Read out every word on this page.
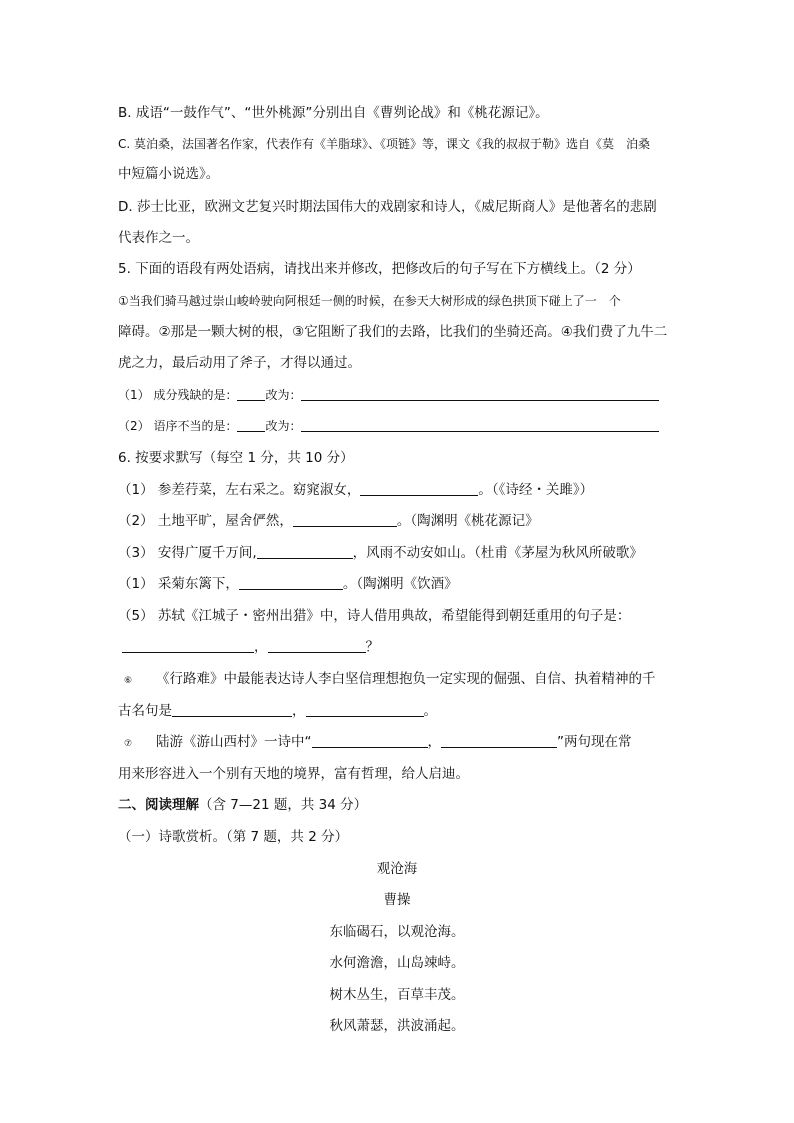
B. 成语“一鼓作气”、“世外桃源”分别出自《曹刿论战》和《桃花源记》。
C. 莫泊桑，法国著名作家，代表作有《羊脂球》、《项链》等，课文《我的叔叔于勒》选自《莫　泊桑
中短篇小说选》。
D. 莎士比亚，欧洲文艺复兴时期法国伟大的戏剧家和诗人，《威尼斯商人》是他著名的悲剧
代表作之一。
5. 下面的语段有两处语病，请找出来并修改，把修改后的句子写在下方横线上。（2 分）
①当我们骑马越过崇山峻岭驶向阿根廷一侧的时候，在参天大树形成的绿色拱顶下碰上了一　个
障碍。②那是一颗大树的根，③它阻断了我们的去路，比我们的坐骑还高。④我们费了九牛二
虎之力，最后动用了斧子，才得以通过。
（1） 成分残缺的是： 改为：
（2） 语序不当的是： 改为：
6. 按要求默写（每空 1 分，共 10 分）
（1） 参差荇菜，左右采之。窈窕淑女，	。（《诗经・关雎》）
（2） 土地平旷，屋舍俨然，	。（陶渊明《桃花源记》
（3） 安得广厦千万间,	，风雨不动安如山。（杜甫《茅屋为秋风所破歌》
（1） 采菊东篱下，	。（陶渊明《饮酒》
（5） 苏轼《江城子・密州出猎》中，诗人借用典故，希望能得到朝廷重用的句子是：
，	？
⑥ 《行路难》中最能表达诗人李白坚信理想抱负一定实现的倔强、自信、执着精神的千
古名句是	，	。
⑦ 陆游《游山西村》一诗中“	，	”两句现在常
用来形容进入一个别有天地的境界，富有哲理，给人启迪。
二、阅读理解（含 7—21 题，共 34 分）
（一）诗歌赏析。（第 7 题，共 2 分）
观沧海
曹操
东临碣石，以观沧海。
水何澹澹，山岛竦峙。
树木丛生，百草丰茂。
秋风萧瑟，洪波涌起。
